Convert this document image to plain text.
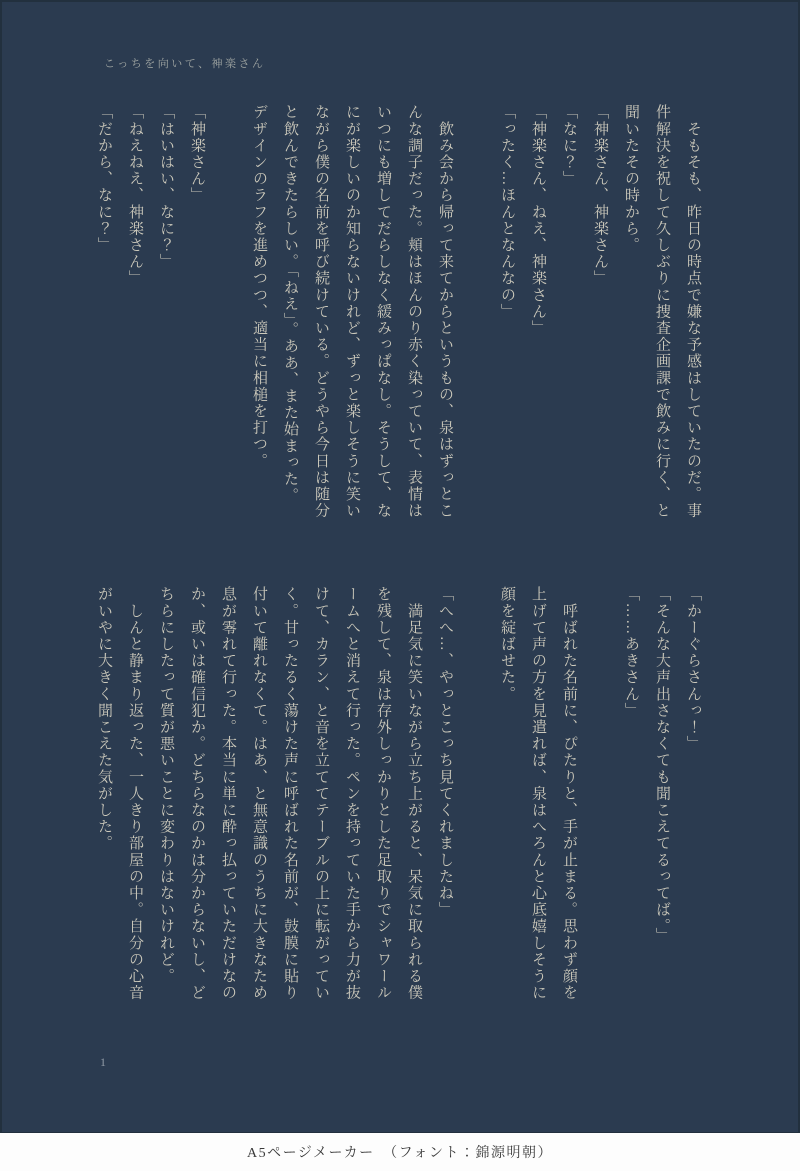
こっちを向いて、神楽さん

　そもそも、昨日の時点で嫌な予感はしていたのだ。事

件解決を祝して久しぶりに捜査企画課で飲みに行く、と

聞いたその時から。

「神楽さん、神楽さん」

「なに？」

「神楽さん、ねえ、神楽さん」

「ったく…ほんとなんなの」

　飲み会から帰って来てからというもの、泉はずっとこ

んな調子だった。頬はほんのり赤く染っていて、表情は

いつにも増してだらしなく緩みっぱなし。そうして、な

にが楽しいのか知らないけれど、ずっと楽しそうに笑い

ながら僕の名前を呼び続けている。どうやら今日は随分

と飲んできたらしい。「ねえ」。ああ、また始まった。

デザインのラフを進めつつ、適当に相槌を打つ。

「神楽さん」

「はいはい、なに？」

「ねえねえ、神楽さん」

「だから、なに？」

「かーぐらさんっ！」

「そんな大声出さなくても聞こえてるってば。」

「……あきさん」

　呼ばれた名前に、ぴたりと、手が止まる。思わず顔を

上げて声の方を見遣れば、泉はへろんと心底嬉しそうに

顔を綻ばせた。

「へへ…、やっとこっち見てくれましたね」

　満足気に笑いながら立ち上がると、呆気に取られる僕

を残して、泉は存外しっかりとした足取りでシャワール

ームへと消えて行った。ペンを持っていた手から力が抜

けて、カラン、と音を立ててテーブルの上に転がってい

く。甘ったるく蕩けた声に呼ばれた名前が、鼓膜に貼り

付いて離れなくて。はあ、と無意識のうちに大きなため

息が零れて行った。本当に単に酔っ払っていただけなの

か、或いは確信犯か。どちらなのかは分からないし、ど

ちらにしたって質が悪いことに変わりはないけれど。

　しんと静まり返った、一人きり部屋の中。自分の心音

がいやに大きく聞こえた気がした。

1
A5ページメーカー　（フォント：錦源明朝）
